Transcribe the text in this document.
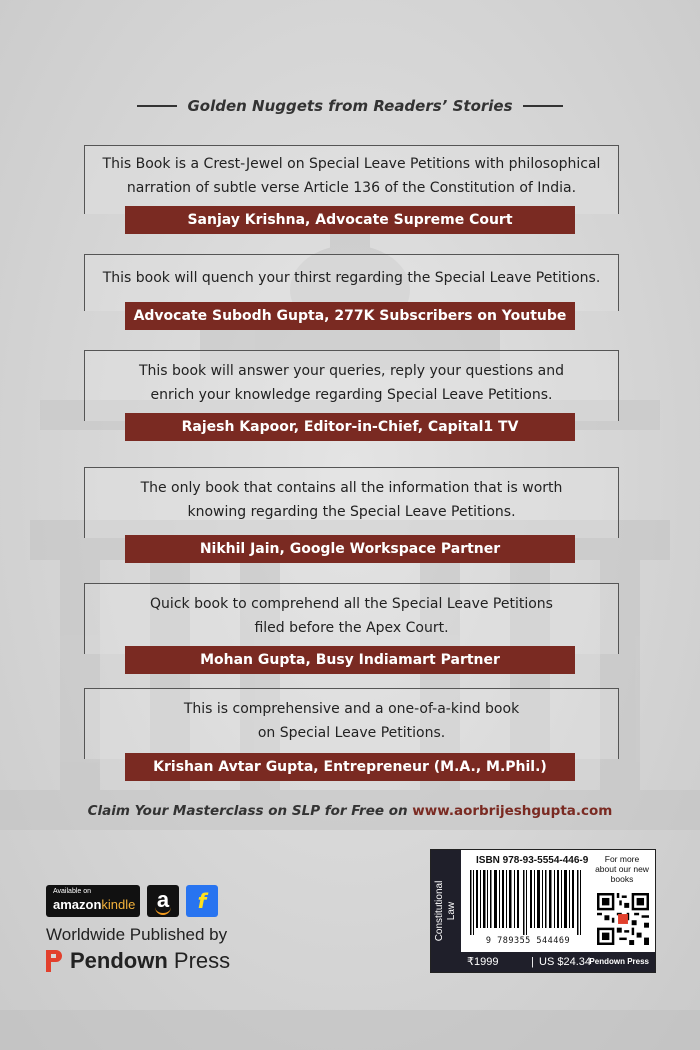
Golden Nuggets from Readers’ Stories
This Book is a Crest-Jewel on Special Leave Petitions with philosophical
narration of subtle verse Article 136 of the Constitution of India.
Sanjay Krishna, Advocate Supreme Court
This book will quench your thirst regarding the Special Leave Petitions.
Advocate Subodh Gupta, 277K Subscribers on Youtube
This book will answer your queries, reply your questions and
enrich your knowledge regarding Special Leave Petitions.
Rajesh Kapoor, Editor-in-Chief, Capital1 TV
The only book that contains all the information that is worth
knowing regarding the Special Leave Petitions.
Nikhil Jain, Google Workspace Partner
Quick book to comprehend all the Special Leave Petitions
filed before the Apex Court.
Mohan Gupta, Busy Indiamart Partner
This is comprehensive and a one-of-a-kind book
on Special Leave Petitions.
Krishan Avtar Gupta, Entrepreneur (M.A., M.Phil.)
Claim Your Masterclass on SLP for Free on www.aorbrijeshgupta.com
Available on
amazonkindle a	f
Worldwide Published by
Pendown Press
Constitutional Law
ISBN 978-93-5554-446-9
9 789355 544469
For more about our new books
₹1999	| US $24.34
Pendown Press
